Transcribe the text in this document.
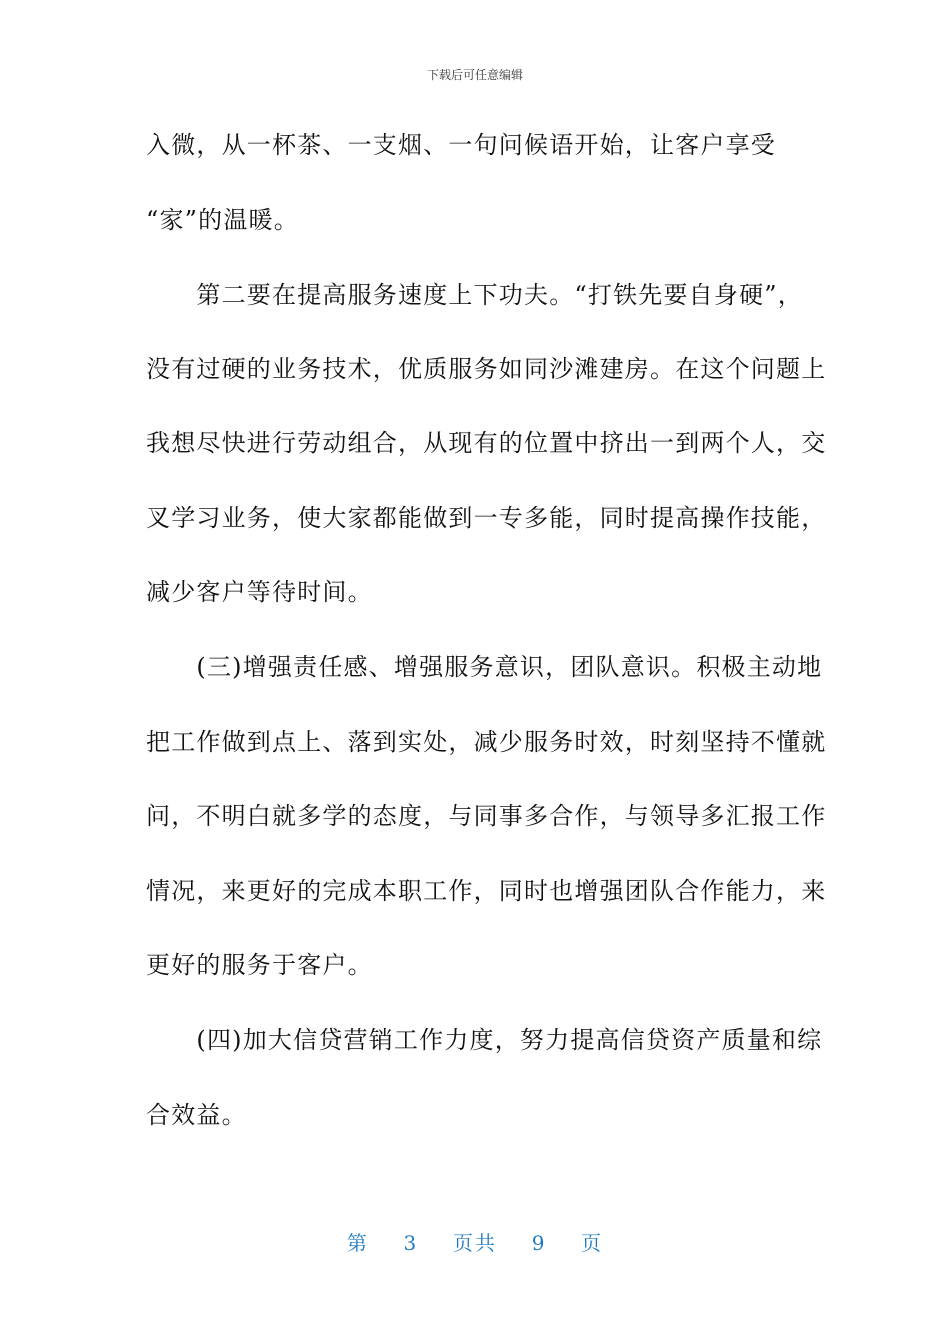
下载后可任意编辑
入微，从一杯茶、一支烟、一句问候语开始，让客户享受
“家”的温暖。
　　第二要在提高服务速度上下功夫。“打铁先要自身硬”，
没有过硬的业务技术，优质服务如同沙滩建房。在这个问题上
我想尽快进行劳动组合，从现有的位置中挤出一到两个人，交
叉学习业务，使大家都能做到一专多能，同时提高操作技能，
减少客户等待时间。
　　(三)增强责任感、增强服务意识，团队意识。积极主动地
把工作做到点上、落到实处，减少服务时效，时刻坚持不懂就
问，不明白就多学的态度，与同事多合作，与领导多汇报工作
情况，来更好的完成本职工作，同时也增强团队合作能力，来
更好的服务于客户。
　　(四)加大信贷营销工作力度，努力提高信贷资产质量和综
合效益。
第 3 页共 9 页
